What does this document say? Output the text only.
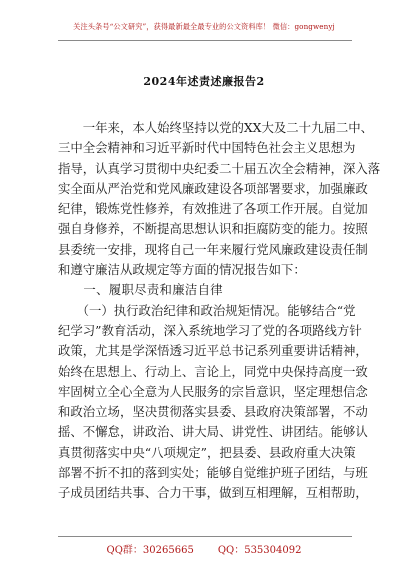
关注头条号“公文研究”，获得最新最全最专业的公文资料库！ 微信：gongwenyj
2024年述责述廉报告2
　　一年来，本人始终坚持以党的XX大及二十九届二中、
三中全会精神和习近平新时代中国特色社会主义思想为
指导，认真学习贯彻中央纪委二十届五次全会精神，深入落
实全面从严治党和党风廉政建设各项部署要求，加强廉政
纪律，锻炼党性修养，有效推进了各项工作开展。自觉加
强自身修养，不断提高思想认识和拒腐防变的能力。按照
县委统一安排，现将自己一年来履行党风廉政建设责任制
和遵守廉洁从政规定等方面的情况报告如下：
　　一、履职尽责和廉洁自律
　　（一）执行政治纪律和政治规矩情况。能够结合“党
纪学习”教育活动，深入系统地学习了党的各项路线方针
政策，尤其是学深悟透习近平总书记系列重要讲话精神，
始终在思想上、行动上、言论上，同党中央保持高度一致
牢固树立全心全意为人民服务的宗旨意识，坚定理想信念
和政治立场，坚决贯彻落实县委、县政府决策部署，不动
摇、不懈怠，讲政治、讲大局、讲党性、讲团结。能够认
真贯彻落实中央“八项规定”，把县委、县政府重大决策
部署不折不扣的落到实处；能够自觉维护班子团结，与班
子成员团结共事、合力干事，做到互相理解，互相帮助，
QQ群：30265665 QQ：535304092
